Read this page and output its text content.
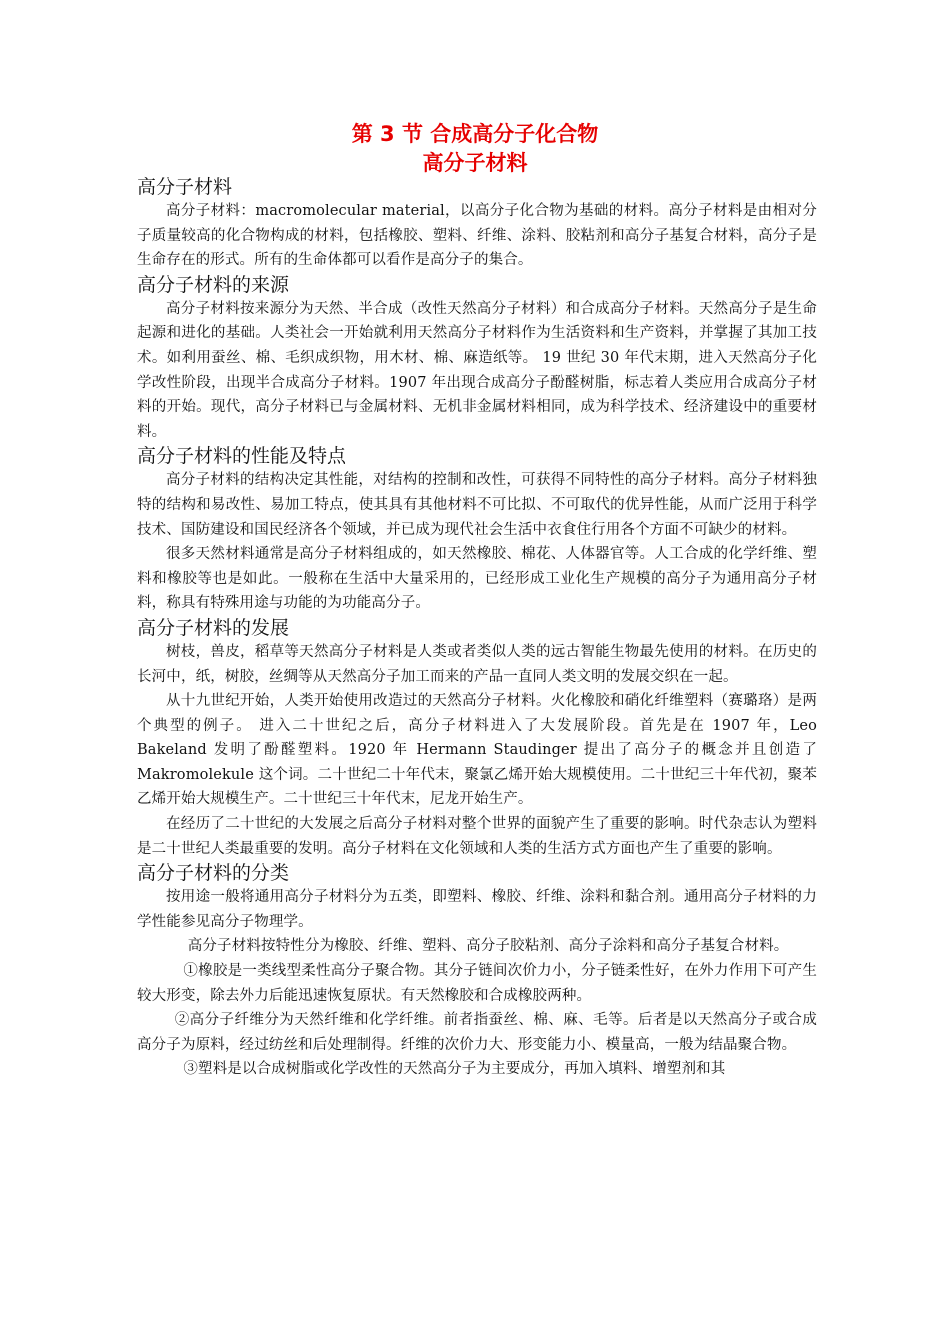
第 3 节 合成高分子化合物
高分子材料
高分子材料

高分子材料：macromolecular material，以高分子化合物为基础的材料。高分子材料是由相对分子质量较高的化合物构成的材料，包括橡胶、塑料、纤维、涂料、胶粘剂和高分子基复合材料，高分子是生命存在的形式。所有的生命体都可以看作是高分子的集合。

高分子材料的来源

高分子材料按来源分为天然、半合成（改性天然高分子材料）和合成高分子材料。天然高分子是生命起源和进化的基础。人类社会一开始就利用天然高分子材料作为生活资料和生产资料，并掌握了其加工技术。如利用蚕丝、棉、毛织成织物，用木材、棉、麻造纸等。 19 世纪 30 年代末期，进入天然高分子化学改性阶段，出现半合成高分子材料。1907 年出现合成高分子酚醛树脂，标志着人类应用合成高分子材料的开始。现代，高分子材料已与金属材料、无机非金属材料相同，成为科学技术、经济建设中的重要材料。

高分子材料的性能及特点

高分子材料的结构决定其性能，对结构的控制和改性，可获得不同特性的高分子材料。高分子材料独特的结构和易改性、易加工特点，使其具有其他材料不可比拟、不可取代的优异性能，从而广泛用于科学技术、国防建设和国民经济各个领域，并已成为现代社会生活中衣食住行用各个方面不可缺少的材料。

很多天然材料通常是高分子材料组成的，如天然橡胶、棉花、人体器官等。人工合成的化学纤维、塑料和橡胶等也是如此。一般称在生活中大量采用的，已经形成工业化生产规模的高分子为通用高分子材料，称具有特殊用途与功能的为功能高分子。

高分子材料的发展

树枝，兽皮，稻草等天然高分子材料是人类或者类似人类的远古智能生物最先使用的材料。在历史的长河中，纸，树胶，丝绸等从天然高分子加工而来的产品一直同人类文明的发展交织在一起。

从十九世纪开始，人类开始使用改造过的天然高分子材料。火化橡胶和硝化纤维塑料（赛璐珞）是两个典型的例子。 进入二十世纪之后，高分子材料进入了大发展阶段。首先是在 1907 年，Leo Bakeland 发明了酚醛塑料。1920 年 Hermann Staudinger 提出了高分子的概念并且创造了 Makromolekule 这个词。二十世纪二十年代末，聚氯乙烯开始大规模使用。二十世纪三十年代初，聚苯乙烯开始大规模生产。二十世纪三十年代末，尼龙开始生产。

在经历了二十世纪的大发展之后高分子材料对整个世界的面貌产生了重要的影响。时代杂志认为塑料是二十世纪人类最重要的发明。高分子材料在文化领域和人类的生活方式方面也产生了重要的影响。

高分子材料的分类

按用途一般将通用高分子材料分为五类，即塑料、橡胶、纤维、涂料和黏合剂。通用高分子材料的力学性能参见高分子物理学。

高分子材料按特性分为橡胶、纤维、塑料、高分子胶粘剂、高分子涂料和高分子基复合材料。

①橡胶是一类线型柔性高分子聚合物。其分子链间次价力小，分子链柔性好，在外力作用下可产生较大形变，除去外力后能迅速恢复原状。有天然橡胶和合成橡胶两种。

②高分子纤维分为天然纤维和化学纤维。前者指蚕丝、棉、麻、毛等。后者是以天然高分子或合成高分子为原料，经过纺丝和后处理制得。纤维的次价力大、形变能力小、模量高，一般为结晶聚合物。

③塑料是以合成树脂或化学改性的天然高分子为主要成分，再加入填料、增塑剂和其
